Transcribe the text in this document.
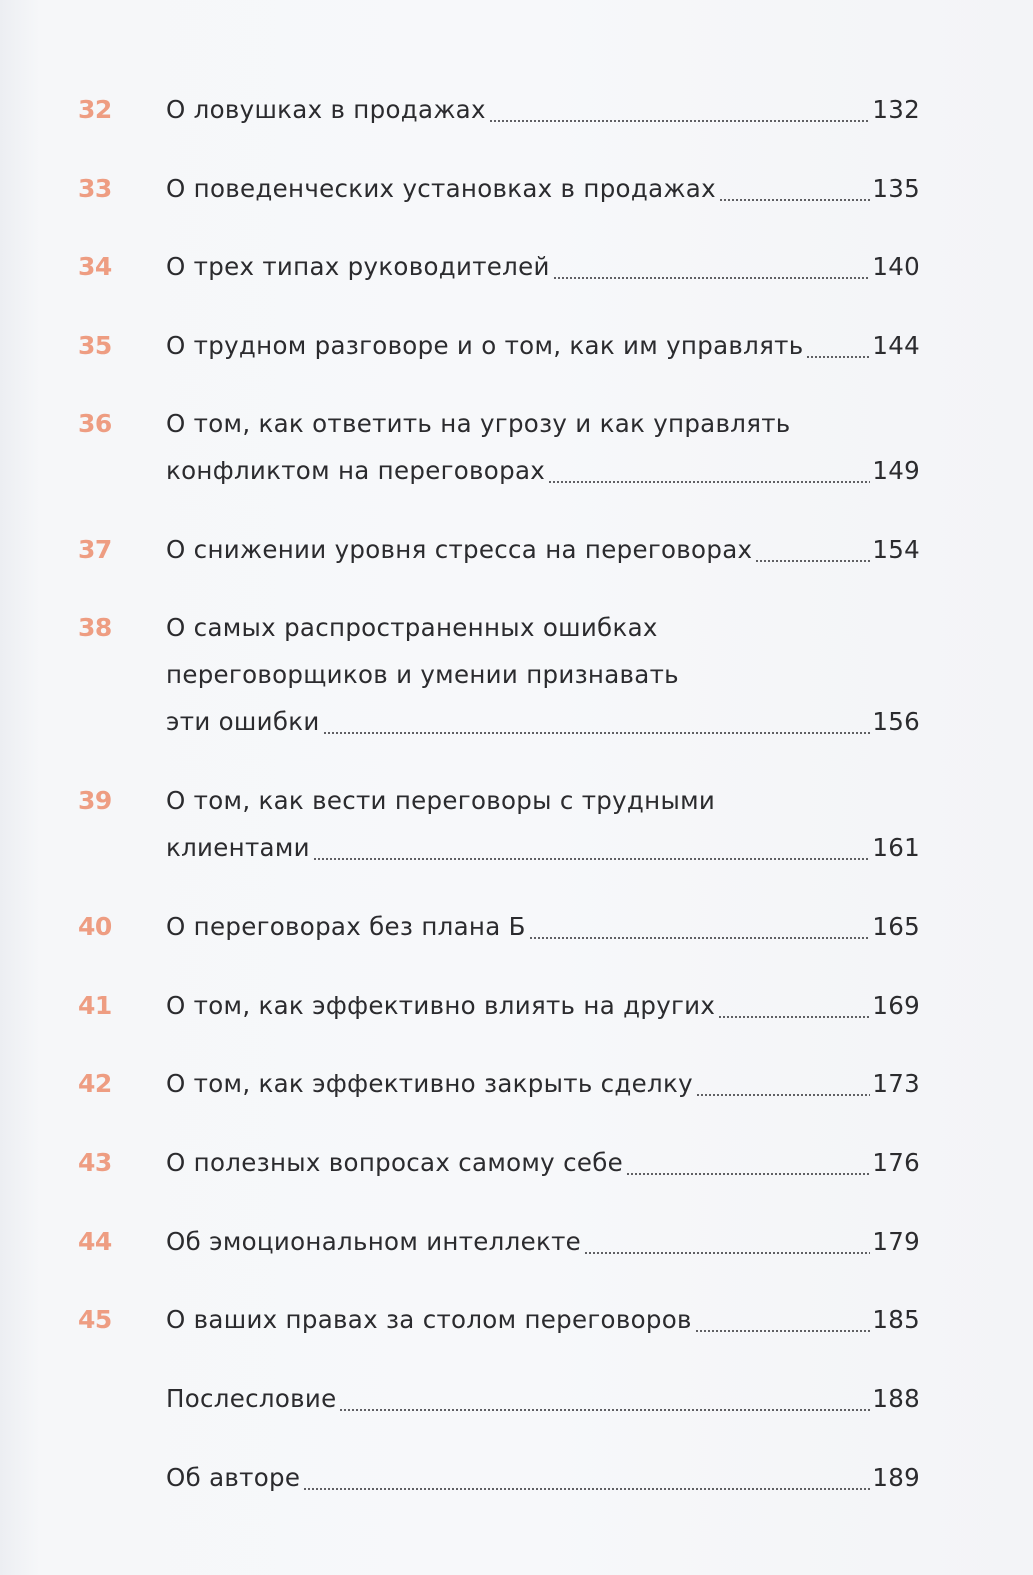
32	О ловушках в продажах	132
33	О поведенческих установках в продажах	135
34	О трех типах руководителей	140
35	О трудном разговоре и о том, как им управлять	144
36	О том, как ответить на угрозу и как управлять
конфликтом на переговорах	149
37	О снижении уровня стресса на переговорах	154
38	О самых распространенных ошибках
переговорщиков и умении признавать
эти ошибки	156
39	О том, как вести переговоры с трудными
клиентами	161
40	О переговорах без плана Б	165
41	О том, как эффективно влиять на других	169
42	О том, как эффективно закрыть сделку	173
43	О полезных вопросах самому себе	176
44	Об эмоциональном интеллекте	179
45	О ваших правах за столом переговоров	185
Послесловие	188
Об авторе	189
